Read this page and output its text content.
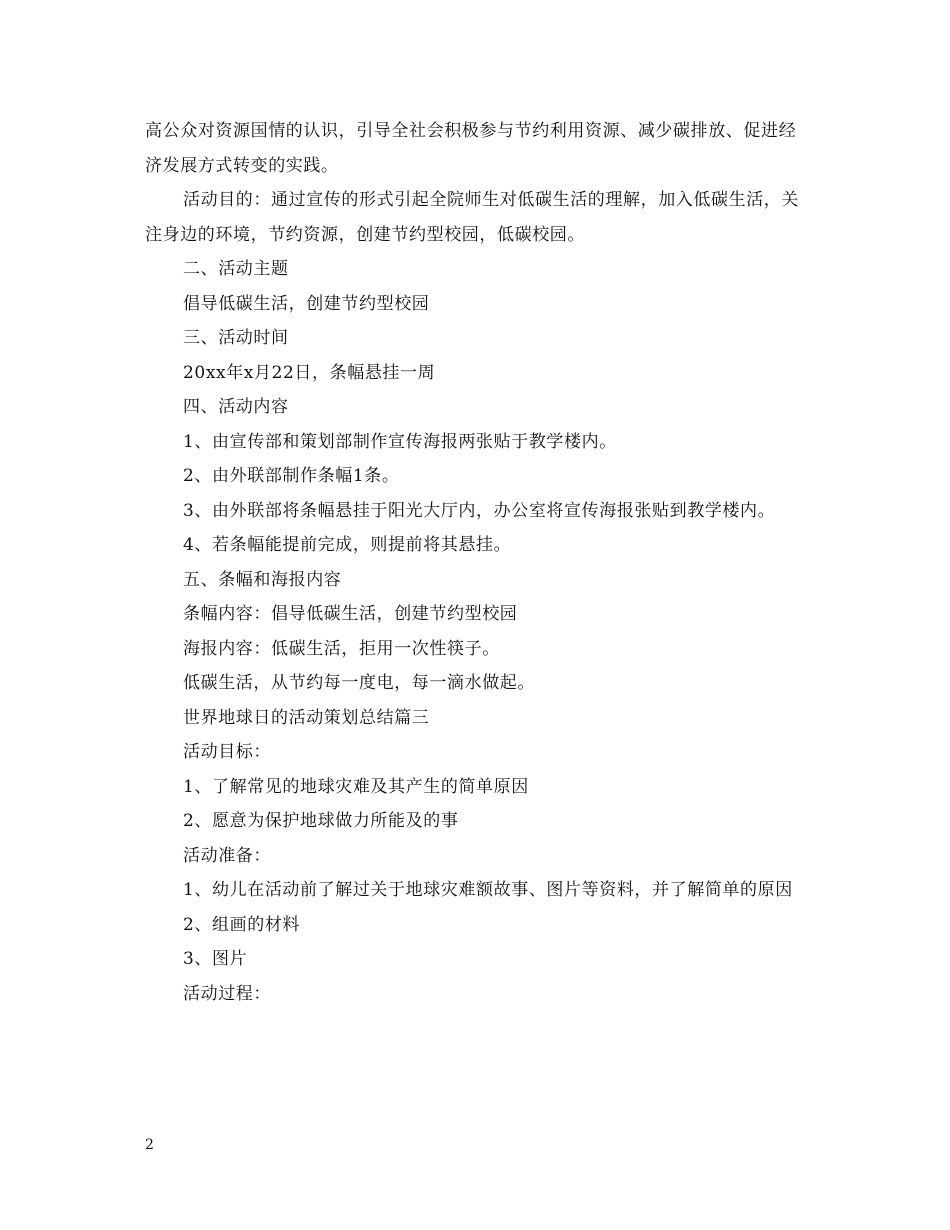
高公众对资源国情的认识，引导全社会积极参与节约利用资源、减少碳排放、促进经济发展方式转变的实践。

活动目的：通过宣传的形式引起全院师生对低碳生活的理解，加入低碳生活，关注身边的环境，节约资源，创建节约型校园，低碳校园。

二、活动主题

倡导低碳生活，创建节约型校园

三、活动时间

20xx年x月22日，条幅悬挂一周

四、活动内容

1、由宣传部和策划部制作宣传海报两张贴于教学楼内。

2、由外联部制作条幅1条。

3、由外联部将条幅悬挂于阳光大厅内，办公室将宣传海报张贴到教学楼内。

4、若条幅能提前完成，则提前将其悬挂。

五、条幅和海报内容

条幅内容：倡导低碳生活，创建节约型校园

海报内容：低碳生活，拒用一次性筷子。

低碳生活，从节约每一度电，每一滴水做起。

世界地球日的活动策划总结篇三

活动目标：

1、了解常见的地球灾难及其产生的简单原因

2、愿意为保护地球做力所能及的事

活动准备：

1、幼儿在活动前了解过关于地球灾难额故事、图片等资料，并了解简单的原因

2、组画的材料

3、图片

活动过程：

2
